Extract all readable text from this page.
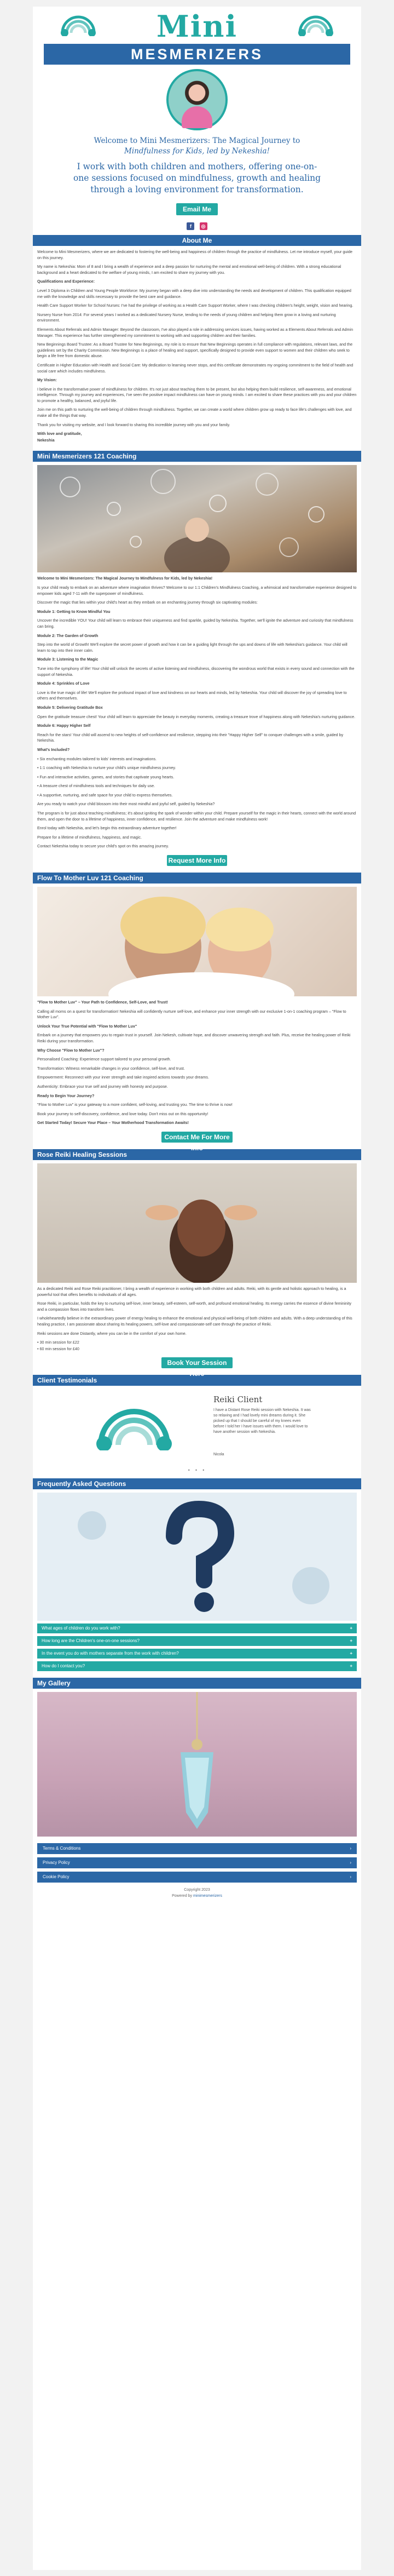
Mini
MESMERIZERS
Welcome to Mini Mesmerizers: The Magical Journey to
Mindfulness for Kids, led by Nekeshia!

I work with both children and mothers, offering one-on-one sessions focused on mindfulness, growth and healing through a loving environment for transformation.

Email Me
f ◎
About Me

Welcome to Mini Mesmerizers, where we are dedicated to fostering the well-being and happiness of children through the practice of mindfulness. Let me introduce myself, your guide on this journey.

My name is Nekeshia: Mom of 8 and I bring a wealth of experience and a deep passion for nurturing the mental and emotional well-being of children. With a strong educational background and a heart dedicated to the welfare of young minds, I am excited to share my journey with you.

Qualifications and Experience:

Level 3 Diploma in Children and Young People Workforce: My journey began with a deep dive into understanding the needs and development of children. This qualification equipped me with the knowledge and skills necessary to provide the best care and guidance.

Health Care Support Worker for School Nurses: I've had the privilege of working as a Health Care Support Worker, where I was checking children's height, weight, vision and hearing.

Nursery Nurse from 2014: For several years I worked as a dedicated Nursery Nurse, tending to the needs of young children and helping them grow in a loving and nurturing environment.

Elements About Referrals and Admin Manager: Beyond the classroom, I've also played a role in addressing services issues, having worked as a Elements About Referrals and Admin Manager. This experience has further strengthened my commitment to working with and supporting children and their families.

New Beginnings Board Trustee: As a Board Trustee for New Beginnings, my role is to ensure that New Beginnings operates in full compliance with regulations, relevant laws, and the guidelines set by the Charity Commission. New Beginnings is a place of healing and support, specifically designed to provide even support to women and their children who seek to begin a life free from domestic abuse.

Certificate in Higher Education with Health and Social Care: My dedication to learning never stops, and this certificate demonstrates my ongoing commitment to the field of health and social care which includes mindfulness.

My Vision:

I believe in the transformative power of mindfulness for children. It's not just about teaching them to be present, but also helping them build resilience, self-awareness, and emotional intelligence. Through my journey and experiences, I've seen the positive impact mindfulness can have on young minds. I am excited to share these practices with you and your children to promote a healthy, balanced, and joyful life.

Join me on this path to nurturing the well-being of children through mindfulness. Together, we can create a world where children grow up ready to face life's challenges with love, and make all the things that way.

Thank you for visiting my website, and I look forward to sharing this incredible journey with you and your family.

With love and gratitude,

Nekeshia

Mini Mesmerizers 121 Coaching

Welcome to Mini Mesmerizers: The Magical Journey to Mindfulness for Kids, led by Nekeshia!

Is your child ready to embark on an adventure where imagination thrives? Welcome to our 1:1 Children's Mindfulness Coaching, a whimsical and transformative experience designed to empower kids aged 7-11 with the superpower of mindfulness.

Discover the magic that lies within your child's heart as they embark on an enchanting journey through six captivating modules:

Module 1: Getting to Know Mindful You

Uncover the incredible YOU! Your child will learn to embrace their uniqueness and find sparkle, guided by Nekeshia. Together, we'll ignite the adventure and curiosity that mindfulness can bring.

Module 2: The Garden of Growth

Step into the world of Growth! We'll explore the secret power of growth and how it can be a guiding light through the ups and downs of life with Nekeshia's guidance. Your child will learn to tap into their inner calm.

Module 3: Listening to the Magic

Tune into the symphony of life! Your child will unlock the secrets of active listening and mindfulness, discovering the wondrous world that exists in every sound and connection with the support of Nekeshia.

Module 4: Sprinkles of Love

Love is the true magic of life! We'll explore the profound impact of love and kindness on our hearts and minds, led by Nekeshia. Your child will discover the joy of spreading love to others and themselves.

Module 5: Delivering Gratitude Box

Open the gratitude treasure chest! Your child will learn to appreciate the beauty in everyday moments, creating a treasure trove of happiness along with Nekeshia's nurturing guidance.

Module 6: Happy Higher Self

Reach for the stars! Your child will ascend to new heights of self-confidence and resilience, stepping into their "Happy Higher Self" to conquer challenges with a smile, guided by Nekeshia.

What's Included?

• Six enchanting modules tailored to kids' interests and imaginations.

• 1:1 coaching with Nekeshia to nurture your child's unique mindfulness journey.

• Fun and interactive activities, games, and stories that captivate young hearts.

• A treasure chest of mindfulness tools and techniques for daily use.

• A supportive, nurturing, and safe space for your child to express themselves.

Are you ready to watch your child blossom into their most mindful and joyful self, guided by Nekeshia?

The program is for just about teaching mindfulness; it's about igniting the spark of wonder within your child. Prepare yourself for the magic in their hearts, connect with the world around them, and open the door to a lifetime of happiness, inner confidence, and resilience. Join the adventure and make mindfulness work!

Enrol today with Nekeshia, and let's begin this extraordinary adventure together!

Prepare for a lifetime of mindfulness, happiness, and magic.

Contact Nekeshia today to secure your child's spot on this amazing journey.

Request More Info
Flow To Mother Luv 121 Coaching

"Flow to Mother Luv" – Your Path to Confidence, Self-Love, and Trust!

Calling all moms on a quest for transformation! Nekeshia will confidently nurture self-love, and enhance your inner strength with our exclusive 1-on-1 coaching program – "Flow to Mother Luv".

Unlock Your True Potential with "Flow to Mother Luv"

Embark on a journey that empowers you to regain trust in yourself. Join Nekesh, cultivate hope, and discover unwavering strength and faith. Plus, receive the healing power of Reiki Reiki during your transformation.

Why Choose "Flow to Mother Luv"?

Personalised Coaching: Experience support tailored to your personal growth.

Transformation: Witness remarkable changes in your confidence, self-love, and trust.

Empowerment: Reconnect with your inner strength and take inspired actions towards your dreams.

Authenticity: Embrace your true self and journey with honesty and purpose.

Ready to Begin Your Journey?

"Flow to Mother Luv" is your gateway to a more confident, self-loving, and trusting you. The time to thrive is now!

Book your journey to self-discovery, confidence, and love today. Don't miss out on this opportunity!

Get Started Today! Secure Your Place – Your Motherhood Transformation Awaits!

Contact Me For More Info
Rose Reiki Healing Sessions

As a dedicated Reiki and Rose Reiki practitioner, I bring a wealth of experience in working with both children and adults. Reiki, with its gentle and holistic approach to healing, is a powerful tool that offers benefits to individuals of all ages.

Rose Reiki, in particular, holds the key to nurturing self-love, inner beauty, self-esteem, self-worth, and profound emotional healing. Its energy carries the essence of divine femininity and a compassion flows into transform lives.

I wholeheartedly believe in the extraordinary power of energy healing to enhance the emotional and physical well-being of both children and adults. With a deep understanding of this healing practice, I am passionate about sharing its healing powers, self-love and compassionate-self care through the practice of Reiki.

Reiki sessions are done Distantly, where you can be in the comfort of your own home.

• 30 min session for £22

• 60 min session for £40

Book Your Session Here
Client Testimonials
Reiki Client
I have a Distant Rose Reiki session with Nekeshia. It was so relaxing and I had lovely mini dreams during it. She picked up that I should be careful of my knees even before I told her I have issues with them. I would love to have another session with Nekeshia.
Nicola
• • •
Frequently Asked Questions
What ages of children do you work with?	+
How long are the Children's one-on-one sessions?	+
In the event you do with mothers separate from the work with children?	+
How do I contact you?	+
My Gallery
Terms & Conditions	›
Privacy Policy	›
Cookie Policy	›
Copyright 2023
Powered by minimesmerizers
